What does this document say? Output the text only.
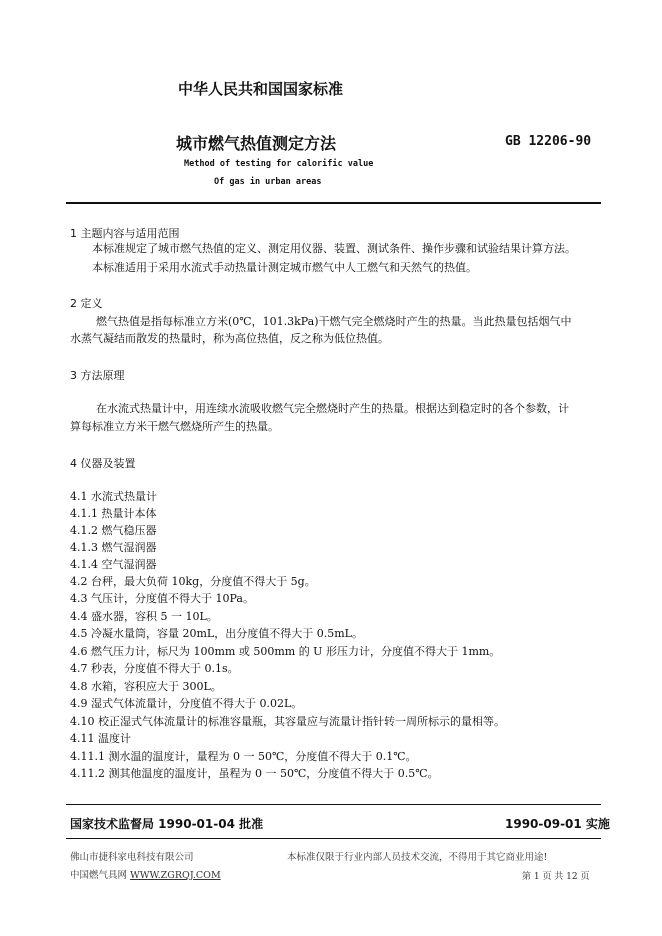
中华人民共和国国家标准
城市燃气热值测定方法	GB 12206-90
Method of testing for calorific value
Of gas in urban areas
1 主题内容与适用范围
本标准规定了城市燃气热值的定义、测定用仪器、装置、测试条件、操作步骤和试验结果计算方法。
本标准适用于采用水流式手动热量计测定城市燃气中人工燃气和天然气的热值。
2 定义
燃气热值是指每标准立方米(0℃，101.3kPa)干燃气完全燃烧时产生的热量。当此热量包括烟气中
水蒸气凝结而散发的热量时，称为高位热值，反之称为低位热值。
3 方法原理
在水流式热量计中，用连续水流吸收燃气完全燃烧时产生的热量。根据达到稳定时的各个参数，计
算每标准立方米干燃气燃烧所产生的热量。
4 仪器及装置
4.1 水流式热量计
4.1.1 热量计本体
4.1.2 燃气稳压器
4.1.3 燃气湿润器
4.1.4 空气湿润器
4.2 台秤，最大负荷 10kg，分度值不得大于 5g。
4.3 气压计，分度值不得大于 10Pa。
4.4 盛水器，容积 5 一 10L。
4.5 冷凝水量筒，容量 20mL，出分度值不得大于 0.5mL。
4.6 燃气压力计，标尺为 100mm 或 500mm 的 U 形压力计，分度值不得大于 1mm。
4.7 秒表，分度值不得大于 0.1s。
4.8 水箱，容积应大于 300L。
4.9 湿式气体流量计，分度值不得大于 0.02L。
4.10 校正湿式气体流量计的标准容量瓶，其容量应与流量计指针转一周所标示的量相等。
4.11 温度计
4.11.1 测水温的温度计，量程为 0 一 50℃，分度值不得大于 0.1℃。
4.11.2 测其他温度的温度计，虽程为 0 一 50℃，分度值不得大于 0.5℃。
国家技术监督局 1990-01-04 批准	1990-09-01 实施
佛山市捷科家电科技有限公司
中国燃气具网 WWW.ZGRQJ.COM
本标准仅限于行业内部人员技术交流，不得用于其它商业用途!
第 1 页 共 12 页
